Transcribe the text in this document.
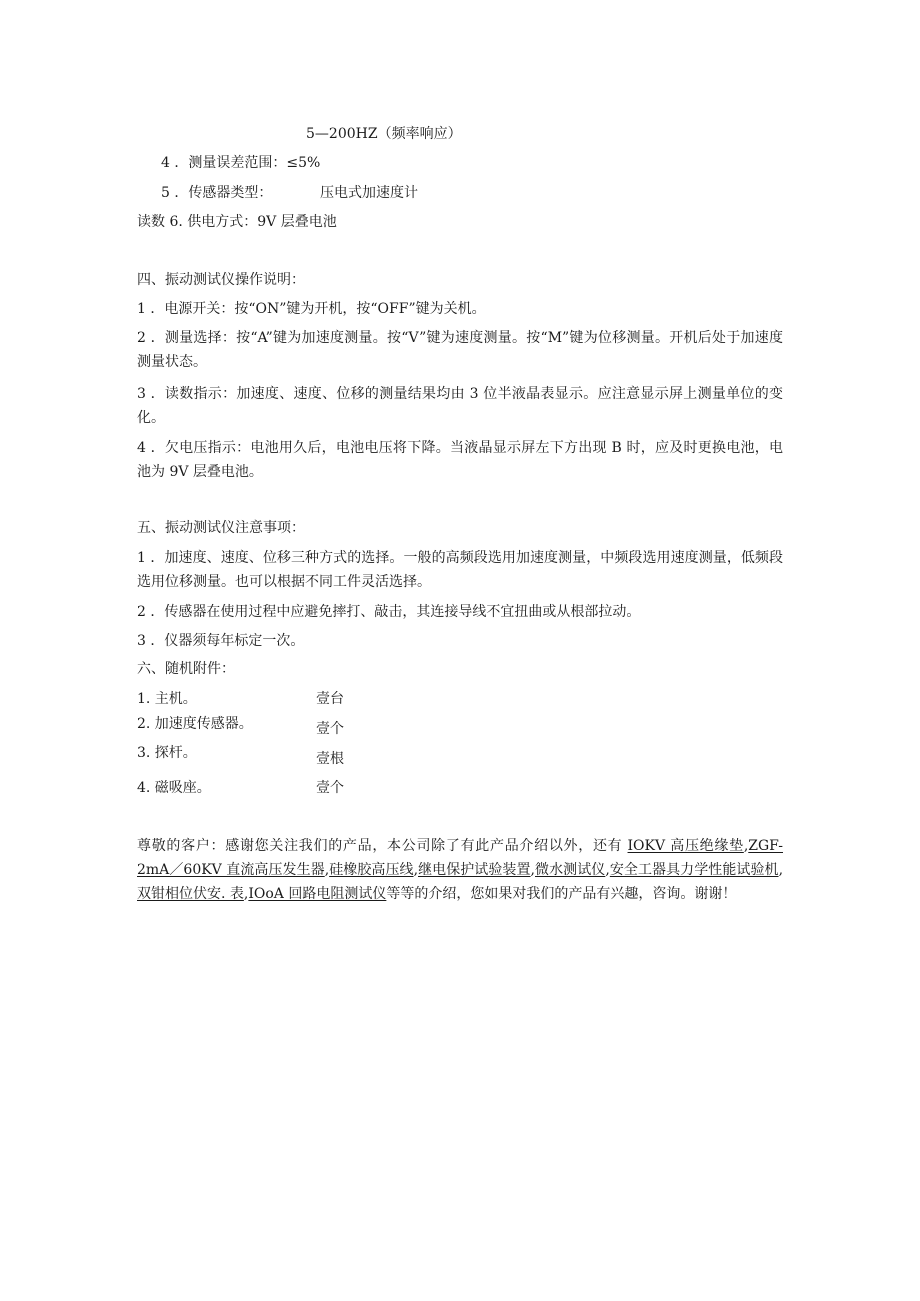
5—200HZ（频率响应）
4 ．测量误差范围：≤5%
5 ．传感器类型：	压电式加速度计
读数 6. 供电方式：9V 层叠电池
四、振动测试仪操作说明：
1 ．电源开关：按“ON”键为开机，按“OFF”键为关机。
2 ．测量选择：按“A”键为加速度测量。按“V”键为速度测量。按“M”键为位移测量。开机后处于加速度测量状态。
3 ．读数指示：加速度、速度、位移的测量结果均由 3 位半液晶表显示。应注意显示屏上测量单位的变化。
4 ．欠电压指示：电池用久后，电池电压将下降。当液晶显示屏左下方出现 B 时，应及时更换电池，电池为 9V 层叠电池。
五、振动测试仪注意事项：
1 ．加速度、速度、位移三种方式的选择。一般的高频段选用加速度测量，中频段选用速度测量，低频段选用位移测量。也可以根据不同工件灵活选择。
2 ．传感器在使用过程中应避免摔打、敲击，其连接导线不宜扭曲或从根部拉动。
3 ．仪器须每年标定一次。
六、随机附件：
1. 主机。	壹台
2. 加速度传感器。	壹个
3. 探杆。	壹根
4. 磁吸座。	壹个
尊敬的客户：感谢您关注我们的产品，本公司除了有此产品介绍以外，还有 IOKV 高压绝缘垫,ZGF-2mA／60KV 直流高压发生器,硅橡胶高压线,继电保护试验装置,微水测试仪,安全工器具力学性能试验机,双钳相位伏安. 表,IOoA 回路电阻测试仪等等的介绍，您如果对我们的产品有兴趣，咨询。谢谢！
